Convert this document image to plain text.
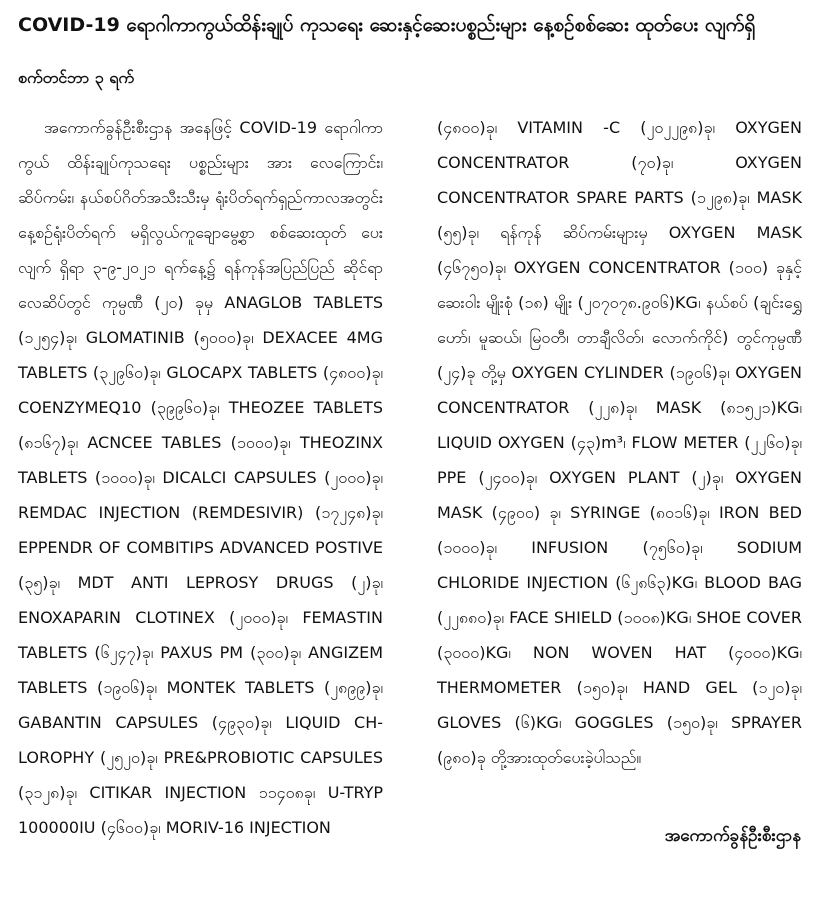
COVID-19 ရောဂါကာကွယ်ထိန်းချုပ် ကုသရေး ဆေးနှင့်ဆေးပစ္စည်းများ နေ့စဉ်စစ်ဆေး ထုတ်ပေး လျက်ရှိ
စက်တင်ဘာ ၃ ရက်
အကောက်ခွန်ဦးစီးဌာန အနေဖြင့် COVID-19 ရောဂါကာကွယ် ထိန်းချုပ်ကုသရေး ပစ္စည်းများ အား လေကြောင်း၊ ဆိပ်ကမ်း၊ နယ်စပ်ဂိတ်အသီးသီးမှ ရုံးပိတ်ရက်ရှည်ကာလအတွင်း နေ့စဉ်ရုံးပိတ်ရက် မရှိလွယ်ကူချောမွေ့စွာ စစ်ဆေးထုတ် ပေးလျက် ရှိရာ ၃-၉-၂၀၂၁ ရက်နေ့၌ ရန်ကုန်အပြည်ပြည် ဆိုင်ရာ လေဆိပ်တွင် ကုမ္ပဏီ (၂၀) ခုမှ ANAGLOB TABLETS (၁၂၅၄)ခု၊ GLOMATINIB (၅၀၀၀)ခု၊ DEXACEE 4MG TABLETS (၃၂၉၆၀)ခု၊ GLOCAPX TABLETS (၄၈၀၀)ခု၊ COENZYMEQ10 (၃၉၉၆၀)ခု၊ THEOZEE TABLETS (၈၁၆၇)ခု၊ ACNCEE TABLES (၁၀၀၀)ခု၊ THEOZINX TABLETS (၁၀၀၀)ခု၊ DICALCI CAPSULES (၂၀၀၀)ခု၊ REMDAC INJECTION (REMDESIVIR) (၁၇၂၄၈)ခု၊ EPPENDR OF COMBITIPS ADVANCED POSTIVE (၃၅)ခု၊ MDT ANTI LEPROSY DRUGS (၂)ခု၊ ENOXAPARIN CLOTINEX (၂၀၀၀)ခု၊ FEMASTIN TABLETS (၆၂၄၇)ခု၊ PAXUS PM (၃၀၀)ခု၊ ANGIZEM TABLETS (၁၉၀၆)ခု၊ MONTEK TABLETS (၂၈၉၉)ခု၊ GABANTIN CAPSULES (၄၉၃၀)ခု၊ LIQUID CH-LOROPHY (၂၅၂၀)ခု၊ PRE&PROBIOTIC CAPSULES (၃၁၂၈)ခု၊ CITIKAR INJECTION ၁၁၄၀၈ခု၊ U-TRYP 100000IU (၄၆၀၀)ခု၊ MORIV-16 INJECTION
(၄၈၀၀)ခု၊ VITAMIN -C (၂၀၂၂၉၈)ခု၊ OXYGEN CONCENTRATOR (၇၀)ခု၊ OXYGEN CONCENTRATOR SPARE PARTS (၁၂၉၈)ခု၊ MASK (၅၅)ခု၊ ရန်ကုန် ဆိပ်ကမ်းများမှ OXYGEN MASK (၄၆၇၅၀)ခု၊ OXYGEN CONCENTRATOR (၁၀၀) ခုနှင့် ဆေးဝါး မျိုးစုံ (၁၈) မျိုး (၂၀၇၀၇၈.၉၀၆)KG၊ နယ်စပ် (ချင်းရွှေဟော်၊ မူဆယ်၊ မြဝတီ၊ တာချီလိတ်၊ လောက်ကိုင်) တွင်ကုမ္ပဏီ (၂၄)ခု တို့မှ OXYGEN CYLINDER (၁၉၀၆)ခု၊ OXYGEN CONCENTRATOR (၂၂၈)ခု၊ MASK (၈၁၅၂၁)KG၊ LIQUID OXYGEN (၄၃)m³၊ FLOW METER (၂၂၆၀)ခု၊ PPE (၂၄၀၀)ခု၊ OXYGEN PLANT (၂)ခု၊ OXYGEN MASK (၄၉၀၀) ခု၊ SYRINGE (၈၀၁၆)ခု၊ IRON BED (၁၀၀၀)ခု၊ INFUSION (၇၅၆၀)ခု၊ SODIUM CHLORIDE INJECTION (၆၂၈၆၃)KG၊ BLOOD BAG (၂၂၈၈၀)ခု၊ FACE SHIELD (၁၀၀၈)KG၊ SHOE COVER (၃၀၀၀)KG၊ NON WOVEN HAT (၄၀၀၀)KG၊ THERMOMETER (၁၅၀)ခု၊ HAND GEL (၁၂၀)ခု၊ GLOVES (၆)KG၊ GOGGLES (၁၅၀)ခု၊ SPRAYER (၉၈၀)ခု တို့အားထုတ်ပေးခဲ့ပါသည်။
အကောက်ခွန်ဦးစီးဌာန
